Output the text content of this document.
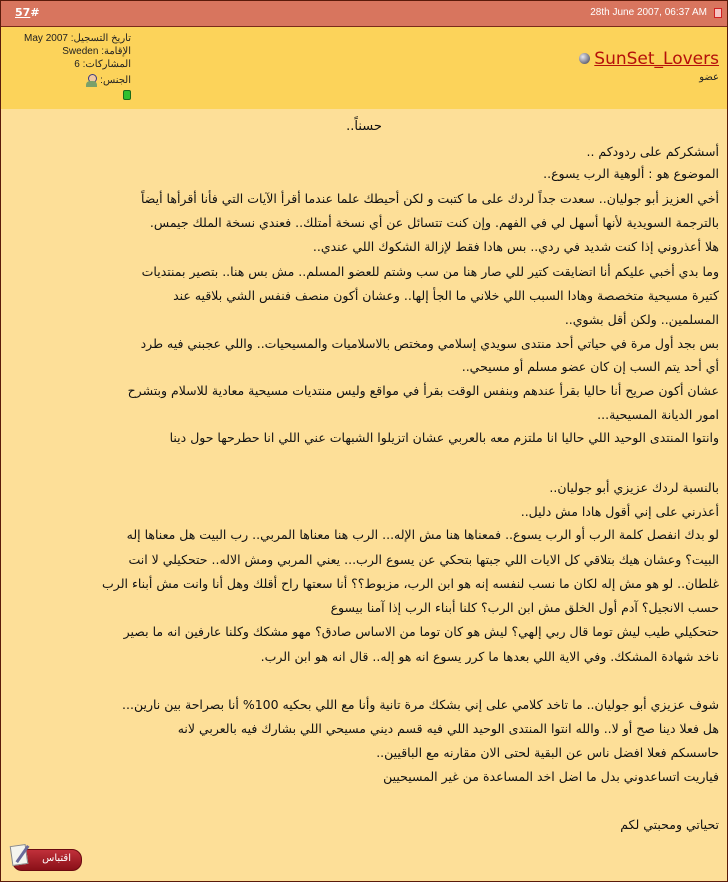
57#	28th June 2007, 06:37 AM
تاريخ التسجيل: May 2007
الإقامة: Sweden
المشاركات: 6
الجنس:
SunSet_Lovers
عضو
حسناً..
أسشكركم على ردودكم ..
الموضوع هو : ألوهية الرب يسوع..
أخي العزيز أبو جوليان.. سعدت جداً لردك على ما كتبت و لكن أحيطك علما عندما أقرأ الآيات التي فأنا أقرأها أيضاً
بالترجمة السويدية لأنها أسهل لي في الفهم. وإن كنت تتسائل عن أي نسخة أمتلك.. فعندي نسخة الملك جيمس.
هلا أعذروني إذا كنت شديد في ردي.. بس هادا فقط لإزالة الشكوك اللي عندي..
وما بدي أخبي عليكم أنا اتضايقت كتير للي صار هنا من سب وشتم للعضو المسلم.. مش بس هنا.. بتصير بمنتديات
كتيرة مسيحية متخصصة وهادا السبب اللي خلاني ما الجأ إلها.. وعشان أكون منصف فنفس الشي بلاقيه عند
المسلمين.. ولكن أقل بشوي..
بس بجد أول مرة في حياتي أحد منتدى سويدي إسلامي ومختص بالاسلاميات والمسيحيات.. واللي عجبني فيه طرد
أي أحد يتم السب إن كان عضو مسلم أو مسيحي..
عشان أكون صريح أنا حاليا بقرأ عندهم وبنفس الوقت بقرأ في مواقع وليس منتديات مسيحية معادية للاسلام وبتشرح
امور الديانة المسيحية...
وانتوا المنتدى الوحيد اللي حاليا انا ملتزم معه بالعربي عشان اتزيلوا الشبهات عني اللي انا حطرحها حول دينا
بالنسبة لردك عزيزي أبو جوليان..
أعذرني على إني أقول هادا مش دليل..
لو بدك انفصل كلمة الرب أو الرب يسوع.. فمعناها هنا مش الإله... الرب هنا معناها المربي.. رب البيت هل معناها إله
البيت؟ وعشان هيك بتلاقي كل الايات اللي جبتها بتحكي عن يسوع الرب... يعني المربي ومش الاله.. حتحكيلي لا انت
غلطان.. لو هو مش إله لكان ما نسب لنفسه إنه هو ابن الرب، مزبوط؟؟ أنا سعتها راح أقلك وهل أنا وانت مش أبناء الرب
حسب الانجيل؟ آدم أول الخلق مش ابن الرب؟ كلنا أبناء الرب إذا آمنا بيسوع
حتحكيلي طيب ليش توما قال ربي إلهي؟ ليش هو كان توما من الاساس صادق؟ مهو مشكك وكلنا عارفين انه ما بصير
ناخد شهادة المشكك. وفي الاية اللي بعدها ما كرر يسوع انه هو إله.. قال انه هو ابن الرب.
شوف عزيزي أبو جوليان.. ما تاخد كلامي على إني بشكك مرة تانية وأنا مع اللي بحكيه 100% أنا بصراحة بين نارين...
هل فعلا دينا صح أو لا.. والله انتوا المنتدى الوحيد اللي فيه قسم ديني مسيحي اللي بشارك فيه بالعربي لانه
حاسسكم فعلا افضل ناس عن البقية لحتى الان مقارنه مع الباقيين..
فياريت اتساعدوني بدل ما اضل اخد المساعدة من غير المسيحيين
تحياتي ومحبتي لكم
اقتباس
